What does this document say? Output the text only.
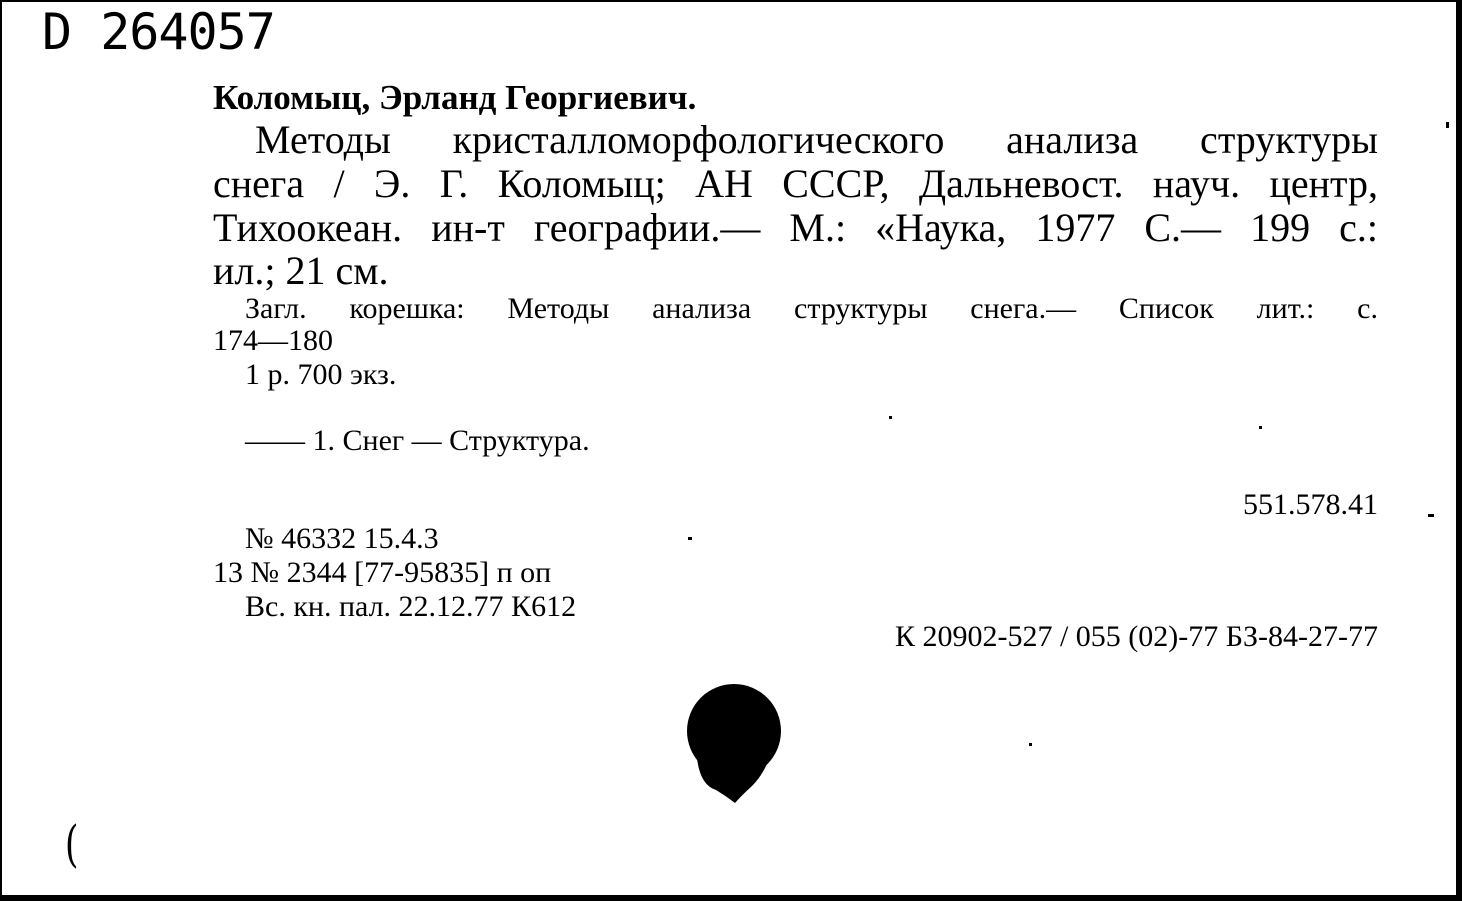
D 264057
Коломыц, Эрланд Георгиевич.
Методы кристалломорфологического анализа структуры
снега / Э. Г. Коломыц; АН СССР, Дальневост. науч. центр,
Тихоокеан. ин-т географии.— М.: «Наука, 1977 С.— 199 с.:
ил.; 21 см.
Загл. корешка: Методы анализа структуры снега.— Список лит.: с.
174—180
1 р. 700 экз.
—— 1. Снег — Структура.
551.578.41
№ 46332 15.4.3
13 № 2344 [77-95835] п оп
Вс. кн. пал. 22.12.77 К612
К 20902-527 / 055 (02)-77 БЗ-84-27-77
(
